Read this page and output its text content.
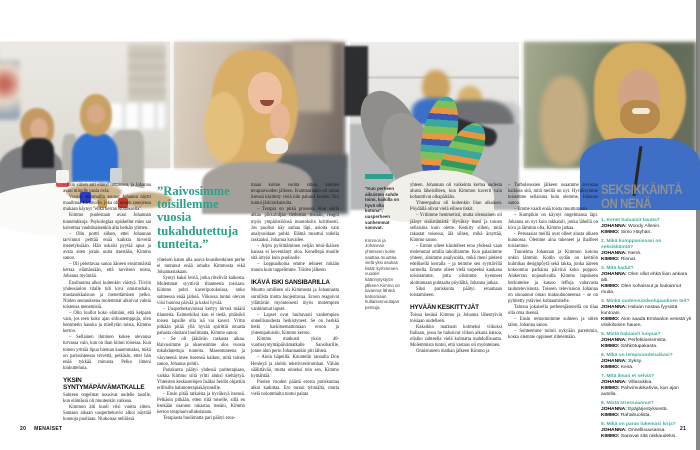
– Olin siihen asti elänyt umpiossa, ja Johanna avasi minulle uusia ovia.

Vuosia ulkomailla asunut Johanna näytti maailmaa Kimmolle, joka oli omien sanojensa mukaan käynyt ”ehkä kerran Rodoksella”.

Kimmo puolestaan avasi Johannan tunnelukkoja. Psykologiaa opiskellut mies sai kaivettua vauhtinaisenkin alta herkän ytimen.

– Olin portti siihen, ettei Johannan tarvinnut peittää enää kaikkia hirveitä menetyksiään. Hän uskalsi pyytää apua ja avata siten jotain uutta itsestään, Kimmo sanoo.

– Oli pelottavaa sanoa ääneen ensimmäistä kertaa elämässään, että tarvitsen toista, Johanna myöntää.

Ensihuuma alkoi kuitenkin väistyä. Tiiviin yhdessäolon tilalle tuli kiva omistushalu, mustasukkaisuus ja menettämisen pelko. Niiden seurauksena molemmat alkoivat vahtia toistensa menemisiä.

– Olin luullut koko elämäni, että kelpaan vain, jos teen koko ajan sirkustemppuja, olen hemmetin hauska ja miellytän toista, Kimmo kertoo.

– Sellainen ihminen kokee olevansa turvassa vain, kun on ihan kiinni toisessa. Kun toinen yrittää lipua hieman kauemmaksi, mikä on parisuhteessa tervettä, pelkäsin, ettei hän enää tykkää minusta. Pelko ilmeni kiukutteluna.

YKSIN SYNTYMÄPÄIVÄMATKALLE

Suhteen ongelmat nousivat uudelle tasolle, kun elämässä oli muutenkin vaikeaa.

Kimmon äiti kuoli viisi vuotta sitten. Samaan aikaan uusperhekuvio alkoi näyttää huonoja puoliaan. Niukoissa neliöissä

”Raivosimme toisillemme vuosia tukahdutettuja tunteita.”

yhteisen katon alla asuva kuusihenkinen perhe ei tuntunut enää omalta Kimmosta eikä Johannastakaan.

Syntyi kaksi leiriä, jotka riitelivät kaikesta. Molemmat syyttivät tilanteesta toisiaan. Kimmo pohti kaveriporukoissa, onko suhteessa enää järkeä. Viikossa tuntui olevan viisi huonoa päivää ja kaksi hyvää.

– Uusperhekuvioissa kertyy hirveä määrä tilanteita. Esimerkiksi kun ei tiedä, pitäisikö toisen lapsille olla isä vai kaveri. Yritin pitkään pitää yllä hyvää spirittiä omasta pahasta olostani huolimatta, Kimmo sanoo.

– Se oli jäätävän raskasta aikaa. Raivosimme ja oksensimme ulos vuosia tukahdutettuja tunteita. Masentuneena ja väsyneenä imee itseensä kaiken, mitä toinen sanoo, Johanna pohtii.

Pariskunta päätyi yhdessä pariterapiaan, vaikka Kimmo siitä yritti aluksi kieltäytyä. Yhteisten keskustelujen lisäksi heidät ohjattiin erillisille hahmoterapiakäynneille.

– Ensin pitää ratkaista ja hyväksyä itsensä. Pelkäsin pitkään, etten riitä toiselle, sillä en itsekään osannut rakastaa itseäni, Kimmo kertoo terapiaoivalluksistaan.

Terapiasta huolimatta pari päätyi eroa-

maan kolme vuotta sitten, kahden terapiavuoden jälkeen. Kummallakin oli oman itsensä käsittely vielä niin pahasti kesken. Ero tuntui järkiratkaisulta.

– Terapia on pitkä prosessi. Kun siellä alkaa pikkuhiljaa tiedostaa itseään, reagoi myös ympäristöönsä muutoksiin kriittisesti. Jos puoliso käy samaa läpi, asioita vain analysoidaan puhki. Elämä muuttui todella raskaaksi, Johanna kuvailee.

– Arjen pyörittäminen neljän teini-ikäisen kanssa ei keventänyt oloa. Kenellepä muulle sitä ärtyisi kuin puolisolle.

– Loppuaikoina emme tehneet mitään muuta kuin tappelimme. Töiden jälkeen

IKÄVÄ ISKI SANSIBARILLA

Muutto omilleen oli Kimmosta ja Johannasta surullista mutta huojentavaa. Eroon reagoivat yllättävän myönteisesti myös molempien vanhimmat lapset.

– Lapset ovat luultavasti vanhempien onnellisuudesta herkistyneet. Se on herkkä hetki harkitsemattomaan eroon ja yhteenpaluisiin, Kimmo kertoo.

Kimmo matkusti yksin 40-vuotissyntymäpäivämatkalle Sansibarille, jonne alun perin Johannankin piti lähteä.

– Aloin häpeillä. Kuuntelin rannalla Don Henleyä ja aloitin tekstiviestirumban. Vähän säälittävää, mutta onneksi tein sen, Kimmo hymähtää.

Puolen vuoden päästä erosta pariskuntaa alkoi kaduttaa. Ero tuntui tyhmältä, mutta vielä nolommalta tuntui palata

”Kun perheen aikuisten suhde toimi, kaikilla on hyvä olla kotona”, uusperheen vanhemmat sanovat.

Kimmon ja Johannan yhteiseen kotiin saattaa muuttaa vielä yksi asukas lisää: kymmenen vuoden käännytystyön jälkeen Kimmo on luvannut lähteä katsomaan kultaisennoutajan pentuja.

yhteen. Johannan oli vaikeinta kertoa uudesta alusta läheisilleen, kun Kimmon kaverit vain kohauttivat olkapäitään.

Yhteenpaluu oli kuitenkin liian aikainen. Pöydällä olivat vielä eilisen tiskit.

– Yritimme hemmetisti, mutta olennainen oli jäänyt sisäistämättä: Hyväksy itsesi ja toinen sellaisina kuin olette. Keskity siihen, mitä rakastat toisessa, älä siihen, mikä ärsyttää, Kimmo sanoo.

– Emme olleet käsitelleet eroa yhdessä vaan molemmat omilla tahoillamme. Kun palasimme yhteen, aloimme analysoida, mikä meni pieleen edellisellä kerralla – ja teimme sen syyttävillä sormella. Emme olleet vielä tarpeeksi kaukana toisistamme, jotta olisimme kyenneet aloittamaan puhtaalta pöydältä, Johanna jatkaa.

Siksi pariskunta päätyi eroamaan toistamiseen.

HYVÄÄN KESKITTYJÄT

Toissa kesänä Kimmo ja Johanna lähentyivät toisiaan uudelleen.

Kaksikko matkusti kolmeksi viikoksi Italiaan, jossa he halusivat viikon aikana katsoa, olisiko suhteella vielä kolmatta mahdollisuutta. Molemmista tuntui, että vastaus oli myönteinen.

Onnistuneen matkan jälkeen Kimmo ja

– Turbulenssien jälkeen osaamme arvostaa kaikkea sitä, mitä meillä on nyt. Hyväksymme toisemme sellaisina kuin olemme, Johanna sanoo.

– Emme vaadi enää toista muuttumaan.

– Kumpikin on käynyt ongelmansa läpi. Johanna on nyt kuin takkatuli, jonka lähellä on kiva ja lämmin olla, Kimmo jatkaa.

– Perusasiat meillä ovat olleet alusta alkaen kunnossa. Olemme aina tukeneet ja ihailleet toisiamme.

Tunnelma Johannan ja Kimmon kotona onkin lämmin. Kodin sydän on keittiön kulmikas designpöytä sekä takka, jonka ääreen kokoontuu parhaina päivinä koko poppoo. Alakerran nojasohvalla Kimmo lapsineen herkuttelee ja katsoo leffoja valtavasta taulutelevisiosta. Toiseen televisioon Johanna on siunannut oman makuuhuoneensa – se on pyhitetty ystävien kohtaamiselle.

Talossa jokaisella perheenjäsenellä on tilaa olla oma itsensä.

– Ensin remontoimme suhteen ja sitten talon, Johanna sanoo.

– Suhteemme toimii nykyään paremmin, koska olemme oppineet riitelemään.

SEKSIKKÄINTÄ
ON NENÄ

1. Kenet haluaisit tavata?

JOHANNA: Woody Allenin.

KIMMO: Simo Häyhän.

2. Mikä kumppanissasi on seksikkäintä?

JOHANNA: Nenä.

KIMMO: Rinnat.

3. Mitä kadut?

JOHANNA: Olen ollut ehkä liian ankara äiti.

KIMMO: Olen sohaissut ja loukannut muita.

4. Minkä uudenvuodenlupauksen teit?

JOHANNA: Haluan nostaa fyysistä kuntoani.

KIMMO: Aion saada Emäsalon vesistä yli viisikiloisen hauen.

5. Mistä haluaisit luopua?

JOHANNA: Perfektionismista.

KIMMO: Sähkötupakasta.

6. Mikä on lempivuodenaikasi?

JOHANNA: Syksy.

KIMMO: Kesä.

7. Mitä ilman et selviä?

JOHANNA: Villasukkia.

KIMMO: Pahvimukikahvia, kun ajan autolla.

8. Mistä stressaannut?

JOHANNA: Epäjärjestyksestä.

KIMMO: Rahahuolista.

9. Mikä on paras lukemasi kirja?

JOHANNA: Onnellisuusansa.

KIMMO: Sanovat sitä rakkaudeksi.

20 MENAISET	21
